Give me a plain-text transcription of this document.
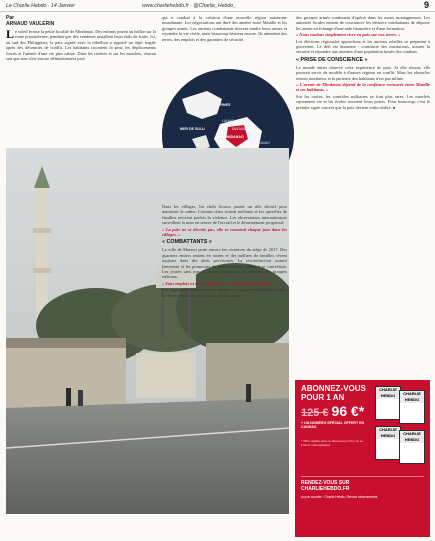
Le Charlie Hebdo · 14 Janvier	www.charliehebdo.fr · @Charlie_Hebdo_	9
Par
ARNAUD VAULERIN
L e soleil écrase la petite localité de Mindanao. Des enfants jouent au ballon sur la route poussiéreuse, pendant que des vendeurs installent leurs étals de fruits. Ici, au sud des Philippines, la paix signée avec la rébellion a apporté un répit fragile après des décennies de conflit. Les habitants racontent la peur, les déplacements forcés et l'attente d'une vie plus calme. Dans les rizières et sur les marchés, chacun sait que rien n'est encore définitivement joué.

qui a conduit à la création d'une nouvelle région autonome musulmane. Les négociations ont duré des années entre Manille et les groupes armés. Les anciens combattants doivent rendre leurs armes et rejoindre la vie civile, mais beaucoup hésitent encore. Ils attendent des terres, des emplois et des garanties de sécurité.

PHILIPPINES
MINDANAO
MER DE SULU
LANAO
MARAWI
DAVAO

Dans les villages, les chefs locaux jouent un rôle décisif pour maintenir le calme. Certains clans restent méfiants et les querelles de familles ravivent parfois la violence. Les observateurs internationaux surveillent la mise en œuvre de l'accord et le désarmement progressif.

« La paix ne se décrète pas, elle se construit chaque jour dans les villages. »

« COMBATTANTS »

La ville de Marawi porte encore les cicatrices du siège de 2017. Des quartiers entiers restent en ruines et des milliers de familles vivent toujours dans des abris provisoires. La reconstruction avance lentement et les promesses du gouvernement tardent à se concrétiser. Les jeunes sans travail restent exposés au recrutement des groupes radicaux.

« Sans emplois ni écoles, les jeunes retourneront à la guerre. »

Les organisations humanitaires alertent sur la pauvreté persistante dans la région, l'une des plus pauvres de l'archipel.

des groupes armés continuent d'opérer dans les zones montagneuses. Les autorités locales tentent de convaincre les derniers combattants de déposer les armes en échange d'une aide financière et d'une formation.

« Nous voulons simplement vivre en paix sur nos terres. »

Les élections régionales approchent et les anciens rebelles se préparent à gouverner. Le défi est immense : construire des institutions, assurer la sécurité et répondre aux attentes d'une population lassée des combats.

« PRISE DE CONSCIENCE »

Le monde entier observe cette expérience de paix. Si elle réussit, elle pourrait servir de modèle à d'autres régions en conflit. Mais les obstacles restent nombreux et la patience des habitants n'est pas infinie.

« L'avenir de Mindanao dépend de la confiance retrouvée entre Manille et ses habitants. »

Sur les routes, les contrôles militaires se font plus rares. Les marchés reprennent vie et les écoles rouvrent leurs portes. Pour beaucoup, c'est le premier signe concret que la paix devient enfin réalité. ●

ABONNEZ-VOUS
POUR 1 AN
125 € 96 €*
+ UN NUMÉRO SPÉCIAL OFFERT EN CADEAU
* Offre valable pour un abonnement d'un an en France métropolitaine.
CHARLIE HEBDO	CHARLIE HEBDO
CHARLIE HEBDO	CHARLIE HEBDO
RENDEZ-VOUS SUR CHARLIEHEBDO.FR
ou par courrier : Charlie Hebdo, Service abonnements
